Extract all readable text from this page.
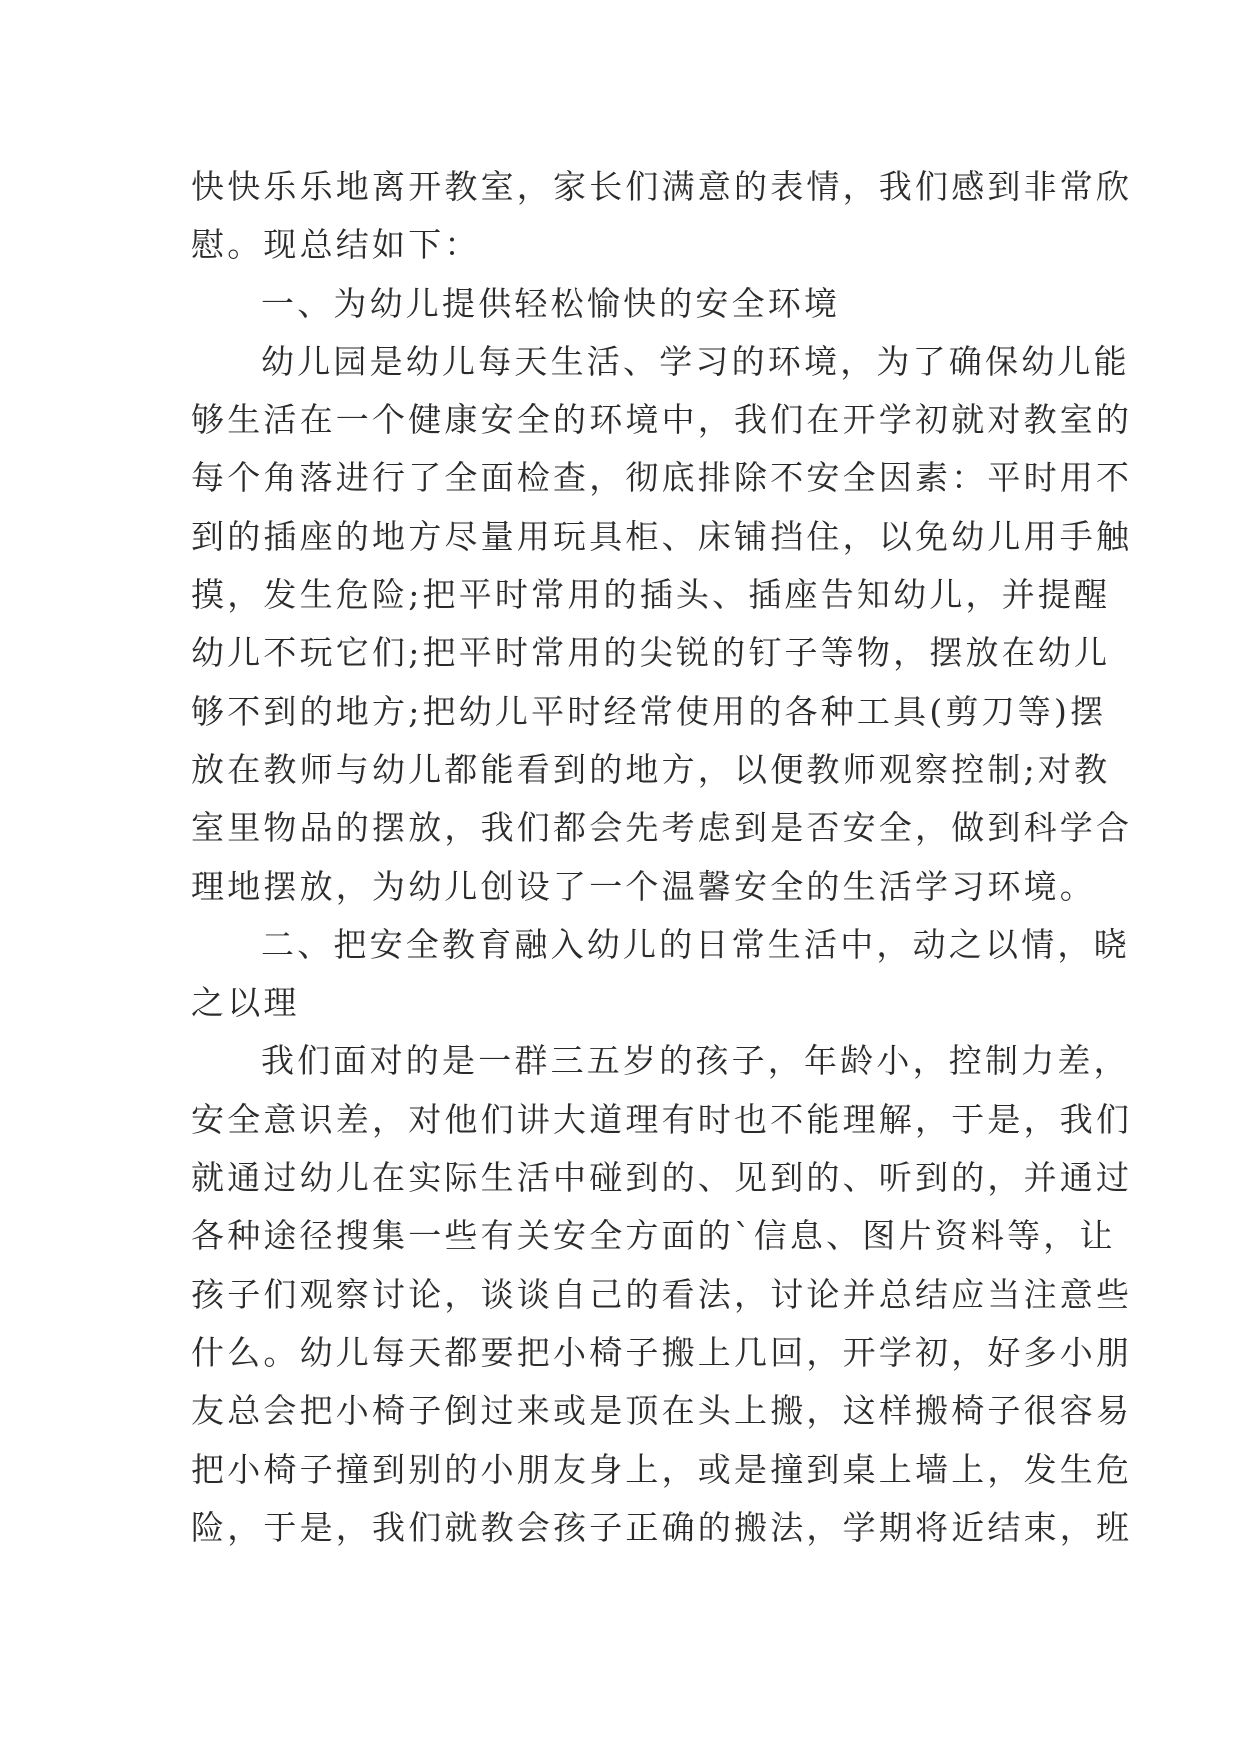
快快乐乐地离开教室，家长们满意的表情，我们感到非常欣
慰。现总结如下：
一、为幼儿提供轻松愉快的安全环境
幼儿园是幼儿每天生活、学习的环境，为了确保幼儿能
够生活在一个健康安全的环境中，我们在开学初就对教室的
每个角落进行了全面检查，彻底排除不安全因素：平时用不
到的插座的地方尽量用玩具柜、床铺挡住，以免幼儿用手触
摸，发生危险;把平时常用的插头、插座告知幼儿，并提醒
幼儿不玩它们;把平时常用的尖锐的钉子等物，摆放在幼儿
够不到的地方;把幼儿平时经常使用的各种工具(剪刀等)摆
放在教师与幼儿都能看到的地方，以便教师观察控制;对教
室里物品的摆放，我们都会先考虑到是否安全，做到科学合
理地摆放，为幼儿创设了一个温馨安全的生活学习环境。
二、把安全教育融入幼儿的日常生活中，动之以情，晓
之以理
我们面对的是一群三五岁的孩子，年龄小，控制力差，
安全意识差，对他们讲大道理有时也不能理解，于是，我们
就通过幼儿在实际生活中碰到的、见到的、听到的，并通过
各种途径搜集一些有关安全方面的`信息、图片资料等，让
孩子们观察讨论，谈谈自己的看法，讨论并总结应当注意些
什么。幼儿每天都要把小椅子搬上几回，开学初，好多小朋
友总会把小椅子倒过来或是顶在头上搬，这样搬椅子很容易
把小椅子撞到别的小朋友身上，或是撞到桌上墙上，发生危
险，于是，我们就教会孩子正确的搬法，学期将近结束，班
